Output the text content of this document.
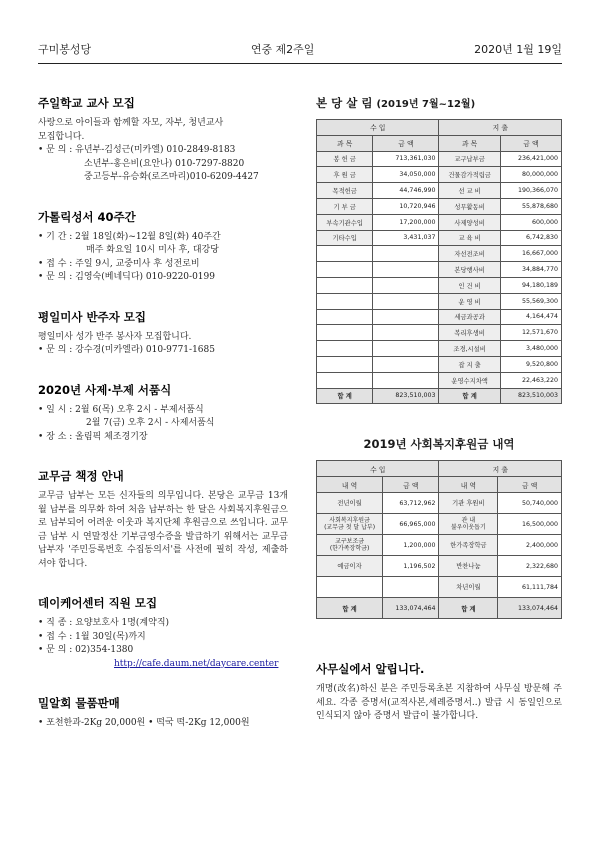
구미봉성당	연중 제2주일	2020년 1월 19일
주일학교 교사 모집
사랑으로 아이들과 함께할 자모, 자부, 청년교사
모집합니다.
• 문 의 : 유년부-김성근(미카엘) 010-2849-8183
소년부-홍은비(요안나) 010-7297-8820
중고등부-유승화(로즈마리)010-6209-4427
가톨릭성서 40주간
• 기 간 : 2월 18일(화)~12월 8일(화) 40주간
매주 화요일 10시 미사 후, 대강당
• 접 수 : 주일 9시, 교중미사 후 성전로비
• 문 의 : 김영숙(베네딕다) 010-9220-0199
평일미사 반주자 모집
평일미사 성가 반주 봉사자 모집합니다.
• 문 의 : 강수경(미카엘라) 010-9771-1685
2020년 사제·부제 서품식
• 일 시 : 2월 6(목) 오후 2시 - 부제서품식
2월 7(금) 오후 2시 - 사제서품식
• 장 소 : 올림픽 체조경기장
교무금 책정 안내
교무금 납부는 모든 신자들의 의무입니다. 본당은 교무금 13개월 납부를 의무화 하여 처음 납부하는 한 달은 사회복지후원금으로 납부되어 어려운 이웃과 복지단체 후원금으로 쓰입니다. 교무금 납부 시 연말정산 기부금영수증을 발급하기 위해서는 교무금 납부자 '주민등록번호 수집동의서'를 사전에 필히 작성, 제출하셔야 합니다.
데이케어센터 직원 모집
• 직 종 : 요양보호사 1명(계약직)
• 접 수 : 1월 30일(목)까지
• 문 의 : 02)354-1380
http://cafe.daum.net/daycare.center
밀알회 물품판매
• 포천한과-2Kg 20,000원 • 떡국 떡-2Kg 12,000원
본 당 살 림 (2019년 7월~12월)
수 입		지 출	
과 목	금 액	과 목	금 액
봉 헌 금	713,361,030	교구납부금	236,421,000
후 원 금	34,050,000	건물감가적립금	80,000,000
목적헌금	44,746,990	선 교 비	190,366,070
기 부 금	10,720,946	성무활동비	55,878,680
부속기관수입	17,200,000	사제양성비	600,000
기타수입	3,431,037	교 육 비	6,742,830
		자선전조비	16,667,000
		본당행사비	34,884,770
		인 건 비	94,180,189
		운 영 비	55,569,300
		세금과공과	4,164,474
		복리후생비	12,571,670
		조경,시설비	3,480,000
		잡 지 출	9,520,800
		운영수지차액	22,463,220
합 계	823,510,003	합 계	823,510,003
2019년 사회복지후원금 내역
수 입		지 출	
내 역	금 액	내 역	금 액

전년이월	63,712,962	기관 후원비	50,740,000

사회복지후원금
(교무금 첫 달 납부)	66,965,000	관 내
불우이웃돕기	16,500,000

교구보조금
(한가족장학금)	1,200,000	한가족장학금	2,400,000

예금이자	1,196,502	반찬나눔	2,322,680

		차년이월	61,111,784
합 계	133,074,464	합 계	133,074,464
사무실에서 알립니다.
개명(改名)하신 분은 주민등록초본 지참하여 사무실 방문해 주세요. 각종 증명서(교적사본,세례증명서..) 발급 시 동일인으로 인식되지 않아 증명서 발급이 불가합니다.
